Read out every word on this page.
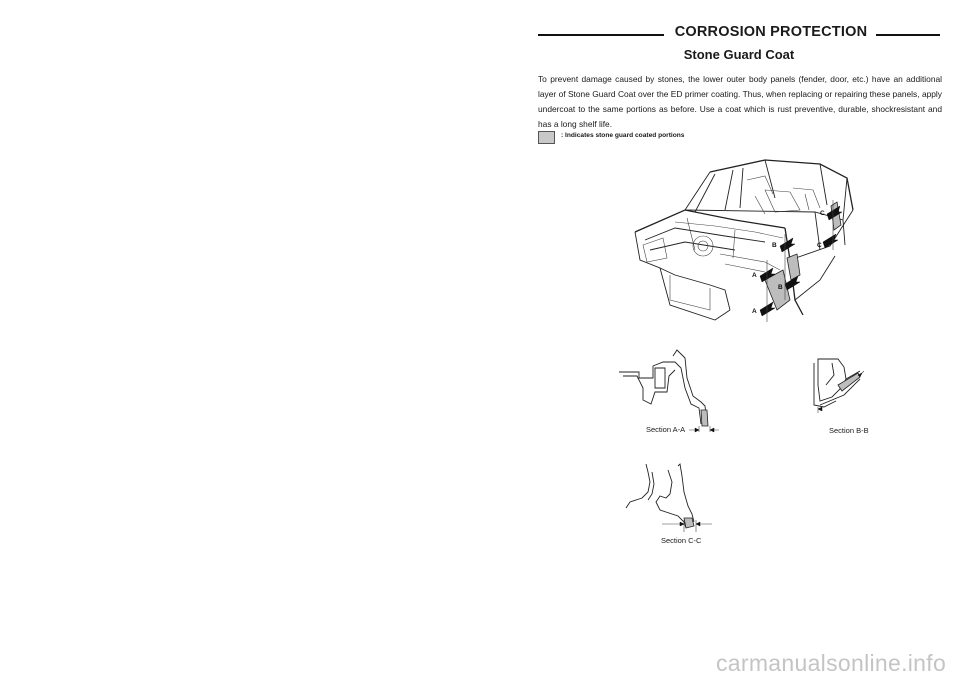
CORROSION PROTECTION
Stone Guard Coat

To prevent damage caused by stones, the lower outer body panels (fender, door, etc.) have an additional layer of Stone Guard Coat over the ED primer coating. Thus, when replacing or repairing these panels, apply undercoat to the same portions as before. Use a coat which is rust preventive, durable, shockresistant and has a long shelf life.

: Indicates stone guard coated portions
A
A
B
B
C
C
Section A-A	Section B-B
Section C-C
carmanualsonline.info
